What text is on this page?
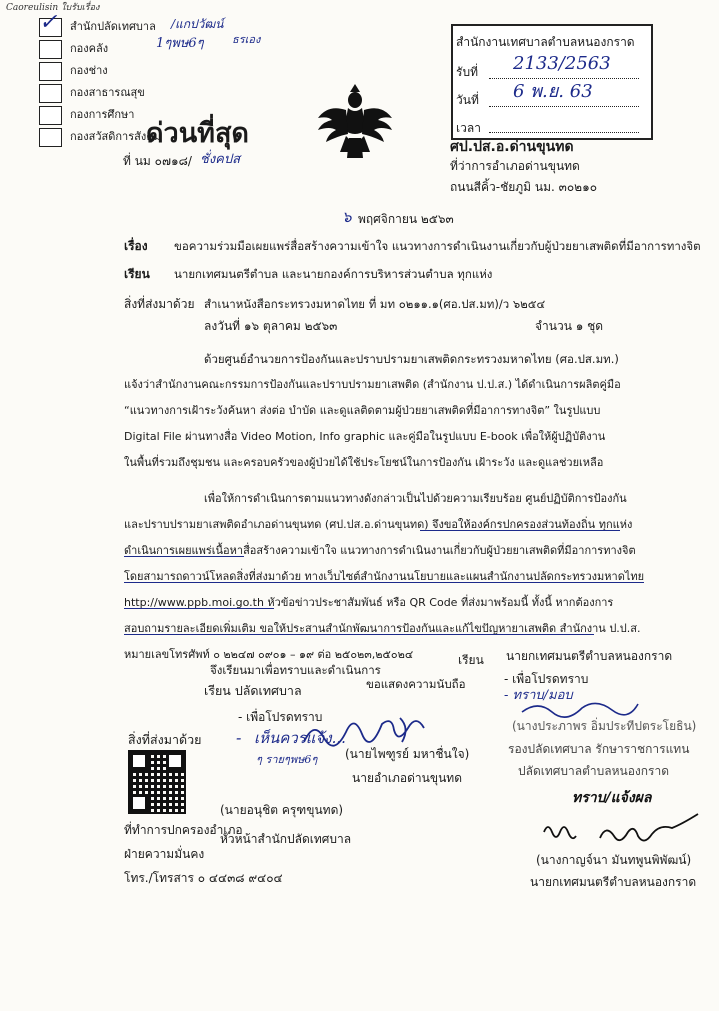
Caoreulisin ใบรับเรื่อง
✓ สำนักปลัดเทศบาล /แกปวัฒน์
กองคลัง
กองช่าง
กองสาธารณสุข
กองการศึกษา
กองสวัสดิการสังคม
1ๆพษ6ๆ	ธรเอง
ด่วนที่สุด
ที่ นม ๐๗๑๘/ ชั่งคปส
สำนักงานเทศบาลตำบลหนองกราด
รับที่ 2133/2563
วันที่ 6 พ.ย. 63
เวลา
ศป.ปส.อ.ด่านขุนทด
ที่ว่าการอำเภอด่านขุนทด
ถนนสีคิ้ว-ชัยภูมิ นม. ๓๐๒๑๐
๖ พฤศจิกายน ๒๕๖๓
เรื่อง ขอความร่วมมือเผยแพร่สื่อสร้างความเข้าใจ แนวทางการดำเนินงานเกี่ยวกับผู้ป่วยยาเสพติดที่มีอาการทางจิต
เรียน นายกเทศมนตรีตำบล และนายกองค์การบริหารส่วนตำบล ทุกแห่ง
สิ่งที่ส่งมาด้วย สำเนาหนังสือกระทรวงมหาดไทย ที่ มท ๐๒๑๑.๑(ศอ.ปส.มท)/ว ๖๒๕๔
ลงวันที่ ๑๖ ตุลาคม ๒๕๖๓	จำนวน ๑ ชุด
ด้วยศูนย์อำนวยการป้องกันและปราบปรามยาเสพติดกระทรวงมหาดไทย (ศอ.ปส.มท.)
แจ้งว่าสำนักงานคณะกรรมการป้องกันและปราบปรามยาเสพติด (สำนักงาน ป.ป.ส.) ได้ดำเนินการผลิตคู่มือ
“แนวทางการเฝ้าระวังค้นหา ส่งต่อ บำบัด และดูแลติดตามผู้ป่วยยาเสพติดที่มีอาการทางจิต” ในรูปแบบ
Digital File ผ่านทางสื่อ Video Motion, Info graphic และคู่มือในรูปแบบ E-book เพื่อให้ผู้ปฏิบัติงาน
ในพื้นที่รวมถึงชุมชน และครอบครัวของผู้ป่วยได้ใช้ประโยชน์ในการป้องกัน เฝ้าระวัง และดูแลช่วยเหลือ
เพื่อให้การดำเนินการตามแนวทางดังกล่าวเป็นไปด้วยความเรียบร้อย ศูนย์ปฏิบัติการป้องกัน
และปราบปรามยาเสพติดอำเภอด่านขุนทด (ศป.ปส.อ.ด่านขุนทด) จึงขอให้องค์กรปกครองส่วนท้องถิ่น ทุกแห่ง
ดำเนินการเผยแพร่เนื้อหาสื่อสร้างความเข้าใจ แนวทางการดำเนินงานเกี่ยวกับผู้ป่วยยาเสพติดที่มีอาการทางจิต
โดยสามารถดาวน์โหลดสิ่งที่ส่งมาด้วย ทางเว็บไซต์สำนักงานนโยบายและแผนสำนักงานปลัดกระทรวงมหาดไทย
http://www.ppb.moi.go.th หัวข้อข่าวประชาสัมพันธ์ หรือ QR Code ที่ส่งมาพร้อมนี้ ทั้งนี้ หากต้องการ
สอบถามรายละเอียดเพิ่มเติม ขอให้ประสานสำนักพัฒนาการป้องกันและแก้ไขปัญหายาเสพติด สำนักงาน ป.ป.ส.
หมายเลขโทรศัพท์ ๐ ๒๒๔๗ ๐๙๐๑ – ๑๙ ต่อ ๒๕๐๒๓,๒๕๐๒๔
จึงเรียนมาเพื่อทราบและดำเนินการ
ขอแสดงความนับถือ
เรียน ปลัดเทศบาล
- เพื่อโปรดทราบ
- เห็นควรแจ้ง...
ๆ รายๆพษ6ๆ (นายไพฑูรย์ มหาชื่นใจ)
นายอำเภอด่านขุนทด
เรียน นายกเทศมนตรีตำบลหนองกราด
- เพื่อโปรดทราบ
- ทราบ/มอบ
(นางประภาพร อิ่มประทีปตระโยธิน)
รองปลัดเทศบาล รักษาราชการแทน
ปลัดเทศบาลตำบลหนองกราด
ทราบ/แจ้งผล
(นางกาญจ์นา มันทพูนพิพัฒน์)
นายกเทศมนตรีตำบลหนองกราด
สิ่งที่ส่งมาด้วย
(นายอนุชิต ครุฑขุนทด)
ที่ทำการปกครองอำเภอ
หัวหน้าสำนักปลัดเทศบาล
ฝ่ายความมั่นคง
โทร./โทรสาร ๐ ๔๔๓๘ ๙๔๐๔
